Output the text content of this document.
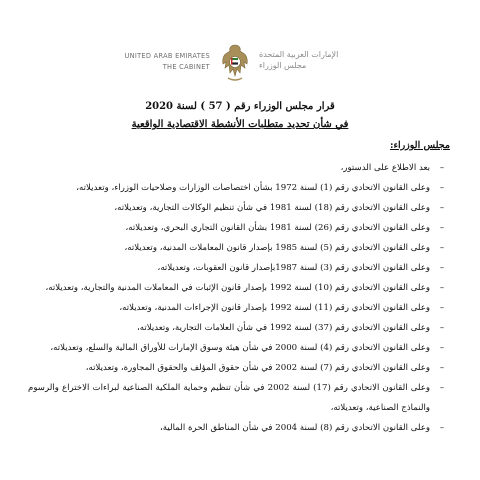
UNITED ARAB EMIRATES
THE CABINET
الإمارات العربية المتحدة
مجلس الوزراء
قرار مجلس الوزراء رقم ( 57 ) لسنة 2020
في شأن تحديد متطلبات الأنشطة الاقتصادية الواقعية
مجلس الوزراء:
–
بعد الاطلاع على الدستور،
–
وعلى القانون الاتحادي رقم (1) لسنة 1972 بشأن اختصاصات الوزارات وصلاحيات الوزراء، وتعديلاته،
–
وعلى القانون الاتحادي رقم (18) لسنة 1981 في شأن تنظيم الوكالات التجارية، وتعديلاته،
–
وعلى القانون الاتحادي رقم (26) لسنة 1981 بشأن القانون التجاري البحري، وتعديلاته،
–
وعلى القانون الاتحادي رقم (5) لسنة 1985 بإصدار قانون المعاملات المدنية، وتعديلاته،
–
وعلى القانون الاتحادي رقم (3) لسنة 1987بإصدار قانون العقوبات، وتعديلاته،
–
وعلى القانون الاتحادي رقم (10) لسنة 1992 بإصدار قانون الإثبات في المعاملات المدنية والتجارية، وتعديلاته،
–
وعلى القانون الاتحادي رقم (11) لسنة 1992 بإصدار قانون الإجراءات المدنية، وتعديلاته،
–
وعلى القانون الاتحادي رقم (37) لسنة 1992 في شأن العلامات التجارية، وتعديلاته،
–
وعلى القانون الاتحادي رقم (4) لسنة 2000 في شأن هيئة وسوق الإمارات للأوراق المالية والسلع، وتعديلاته،
–
وعلى القانون الاتحادي رقم (7) لسنة 2002 في شأن حقوق المؤلف والحقوق المجاورة، وتعديلاته،
–
وعلى القانون الاتحادي رقم (17) لسنة 2002 في شأن تنظيم وحماية الملكية الصناعية لبراءات الاختراع والرسوم والنماذج الصناعية، وتعديلاته،
–
وعلى القانون الاتحادي رقم (8) لسنة 2004 في شأن المناطق الحرة المالية،
